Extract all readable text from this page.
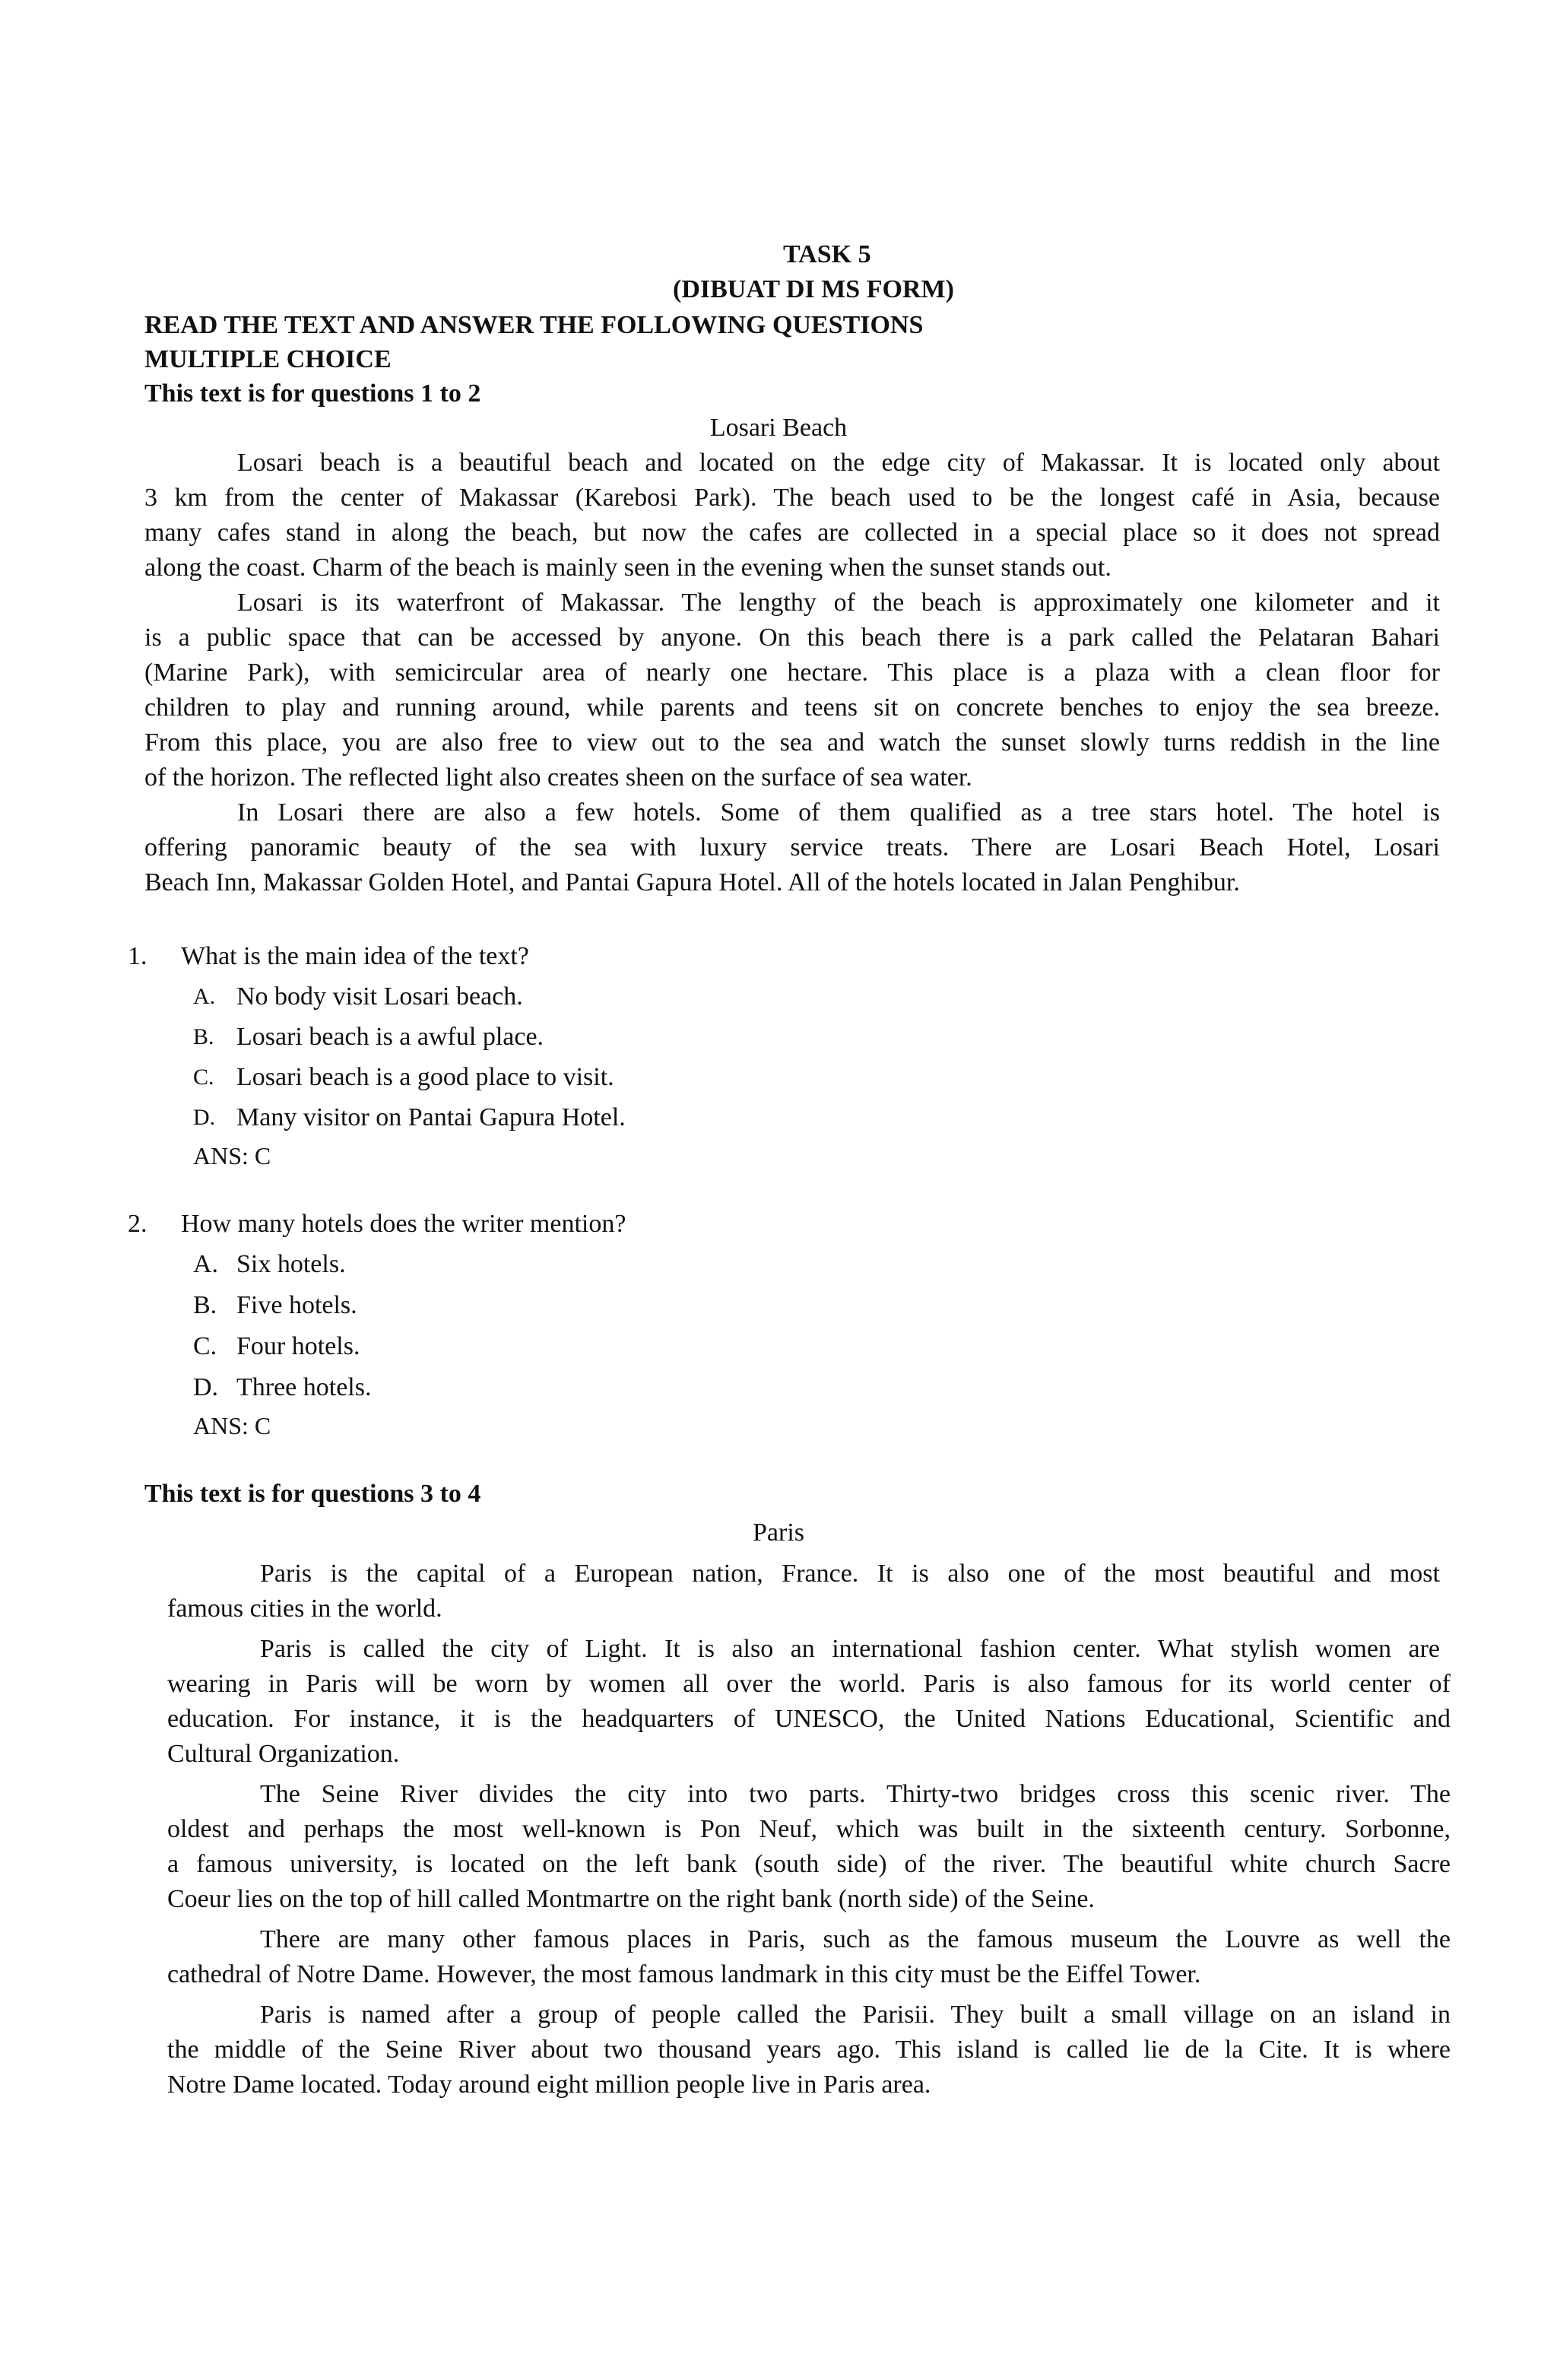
TASK 5
(DIBUAT DI MS FORM)
READ THE TEXT AND ANSWER THE FOLLOWING QUESTIONS
MULTIPLE CHOICE
This text is for questions 1 to 2
Losari Beach
Losari beach is a beautiful beach and located on the edge city of Makassar. It is located only about
3 km from the center of Makassar (Karebosi Park). The beach used to be the longest café in Asia, because
many cafes stand in along the beach, but now the cafes are collected in a special place so it does not spread
along the coast. Charm of the beach is mainly seen in the evening when the sunset stands out.
Losari is its waterfront of Makassar. The lengthy of the beach is approximately one kilometer and it
is a public space that can be accessed by anyone. On this beach there is a park called the Pelataran Bahari
(Marine Park), with semicircular area of nearly one hectare. This place is a plaza with a clean floor for
children to play and running around, while parents and teens sit on concrete benches to enjoy the sea breeze.
From this place, you are also free to view out to the sea and watch the sunset slowly turns reddish in the line
of the horizon. The reflected light also creates sheen on the surface of sea water.
In Losari there are also a few hotels. Some of them qualified as a tree stars hotel. The hotel is
offering panoramic beauty of the sea with luxury service treats. There are Losari Beach Hotel, Losari
Beach Inn, Makassar Golden Hotel, and Pantai Gapura Hotel. All of the hotels located in Jalan Penghibur.
1. What is the main idea of the text?
A. No body visit Losari beach.
B. Losari beach is a awful place.
C. Losari beach is a good place to visit.
D. Many visitor on Pantai Gapura Hotel.
ANS: C
2. How many hotels does the writer mention?
A. Six hotels.
B. Five hotels.
C. Four hotels.
D. Three hotels.
ANS: C
This text is for questions 3 to 4
Paris
Paris is the capital of a European nation, France. It is also one of the most beautiful and most
famous cities in the world.
Paris is called the city of Light. It is also an international fashion center. What stylish women are
wearing in Paris will be worn by women all over the world. Paris is also famous for its world center of
education. For instance, it is the headquarters of UNESCO, the United Nations Educational, Scientific and
Cultural Organization.
The Seine River divides the city into two parts. Thirty-two bridges cross this scenic river. The
oldest and perhaps the most well-known is Pon Neuf, which was built in the sixteenth century. Sorbonne,
a famous university, is located on the left bank (south side) of the river. The beautiful white church Sacre
Coeur lies on the top of hill called Montmartre on the right bank (north side) of the Seine.
There are many other famous places in Paris, such as the famous museum the Louvre as well the
cathedral of Notre Dame. However, the most famous landmark in this city must be the Eiffel Tower.
Paris is named after a group of people called the Parisii. They built a small village on an island in
the middle of the Seine River about two thousand years ago. This island is called lie de la Cite. It is where
Notre Dame located. Today around eight million people live in Paris area.
